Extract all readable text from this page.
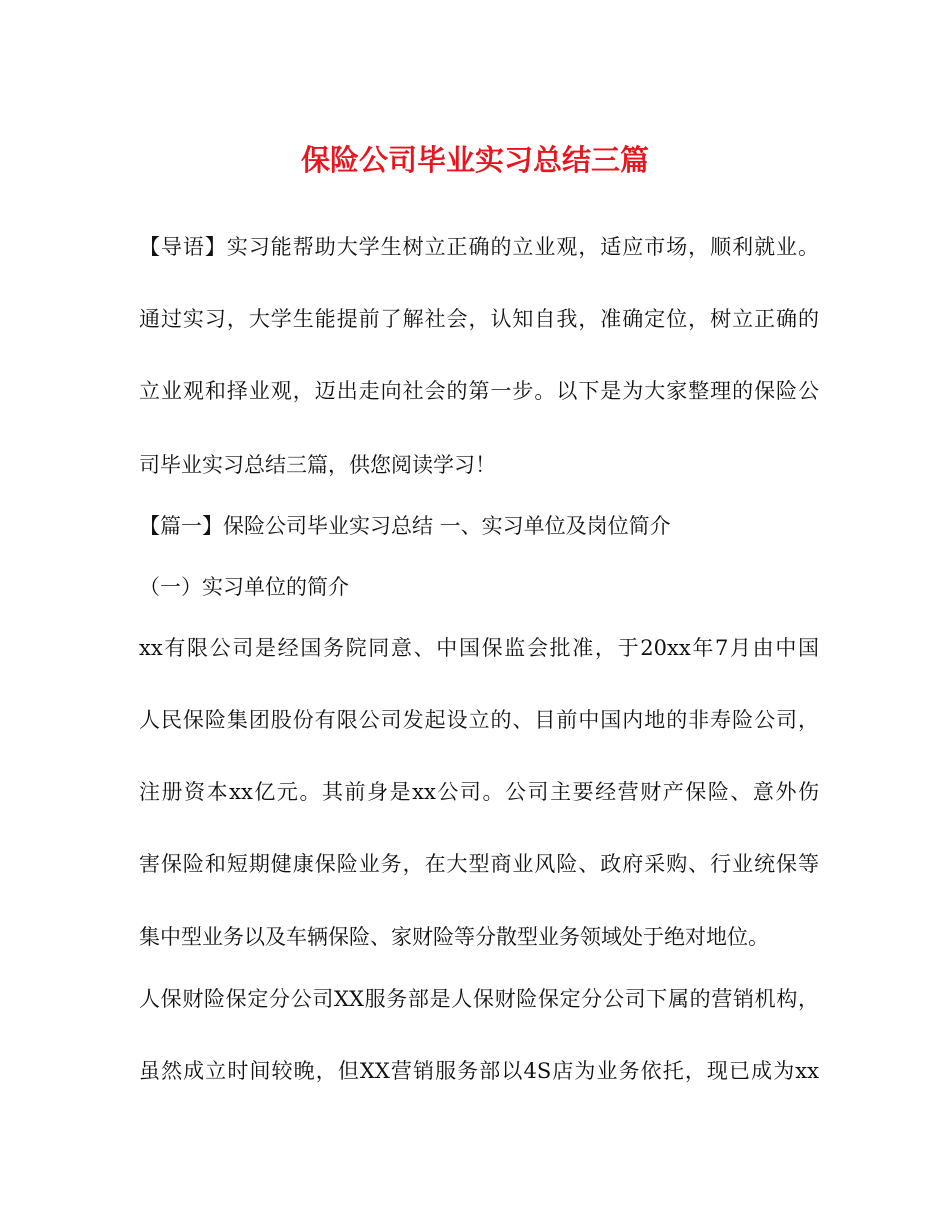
保险公司毕业实习总结三篇
【导语】实习能帮助大学生树立正确的立业观，适应市场，顺利就业。
通过实习，大学生能提前了解社会，认知自我，准确定位，树立正确的
立业观和择业观，迈出走向社会的第一步。以下是为大家整理的保险公
司毕业实习总结三篇，供您阅读学习！
【篇一】保险公司毕业实习总结 一、实习单位及岗位简介
（一）实习单位的简介
xx有限公司是经国务院同意、中国保监会批准，于20xx年7月由中国
人民保险集团股份有限公司发起设立的、目前中国内地的非寿险公司，
注册资本xx亿元。其前身是xx公司。公司主要经营财产保险、意外伤
害保险和短期健康保险业务，在大型商业风险、政府采购、行业统保等
集中型业务以及车辆保险、家财险等分散型业务领域处于绝对地位。
人保财险保定分公司XX服务部是人保财险保定分公司下属的营销机构，
虽然成立时间较晚，但XX营销服务部以4S店为业务依托，现已成为xx
